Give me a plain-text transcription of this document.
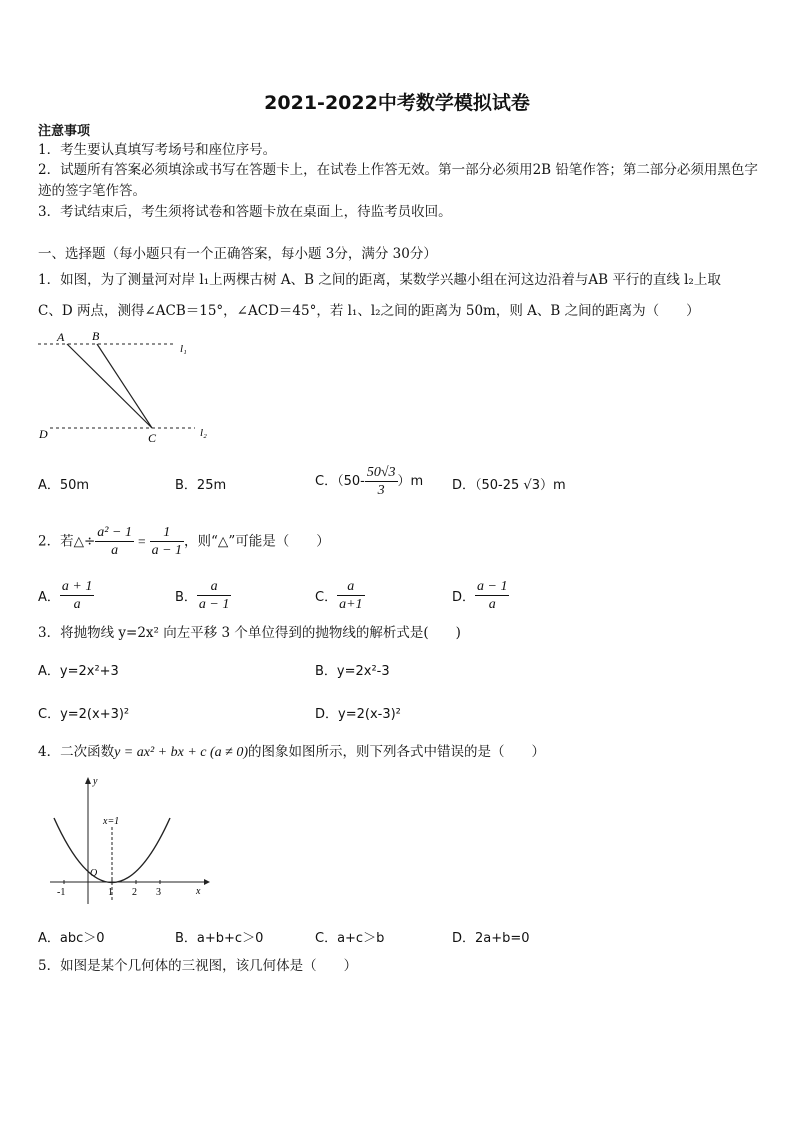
2021-2022中考数学模拟试卷
注意事项
1．考生要认真填写考场号和座位序号。
2．试题所有答案必须填涂或书写在答题卡上，在试卷上作答无效。第一部分必须用2B 铅笔作答；第二部分必须用黑色字迹的签字笔作答。
3．考试结束后，考生须将试卷和答题卡放在桌面上，待监考员收回。
一、选择题（每小题只有一个正确答案，每小题 3分，满分 30分）
1．如图，为了测量河对岸 l₁上两棵古树 A、B 之间的距离，某数学兴趣小组在河这边沿着与AB 平行的直线 l₂上取
C、D 两点，测得∠ACB＝15°，∠ACD＝45°，若 l₁、l₂之间的距离为 50m，则 A、B 之间的距离为（　　）
A B
l₁
D	C	l₂
A．50m	B．25m	C．$(50- \frac{50√3}{3} )m$ D．（50-25 √3）m
2．若△÷ $\frac{\text{a² − 1}}{a} = \frac{1}{a - 1}$ ，则“△”可能是（　　）
A． $\frac{a + 1}{a}$	B． $\frac{a}{a - 1}$	C． $\frac{a}{a+1}$	D． $\frac{a - 1}{a}$
3．将抛物线 y=2x² 向左平移 3 个单位得到的抛物线的解析式是(　　)
A．y=2x²+3	B．y=2x²-3
C．y=2(x+3)²	D．y=2(x-3)²
4．二次函数y = ax² + bx + c (a ≠ 0)的图象如图所示，则下列各式中错误的是（　　）
y
x
x=1
O
-1	1 2 3
A．abc＞0	B．a+b+c＞0	C．a+c＞b	D．2a+b=0
5．如图是某个几何体的三视图，该几何体是（　　）
